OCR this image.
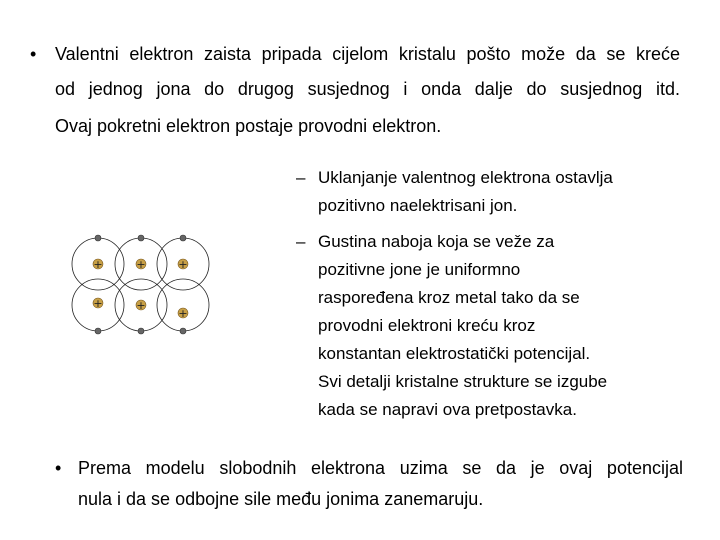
• Valentni elektron zaista pripada cijelom kristalu pošto može da se kreće
od jednog jona do drugog susjednog i onda dalje do susjednog itd.
Ovaj pokretni elektron postaje provodni elektron.
– Uklanjanje valentnog elektrona ostavlja
pozitivno naelektrisani jon.
– Gustina naboja koja se veže za
pozitivne jone je uniformno
raspoređena kroz metal tako da se
provodni elektroni kreću kroz
konstantan elektrostatički potencijal.
Svi detalji kristalne strukture se izgube
kada se napravi ova pretpostavka.
+	+	+
+	+
+
• Prema modelu slobodnih elektrona uzima se da je ovaj potencijal
nula i da se odbojne sile među jonima zanemaruju.
